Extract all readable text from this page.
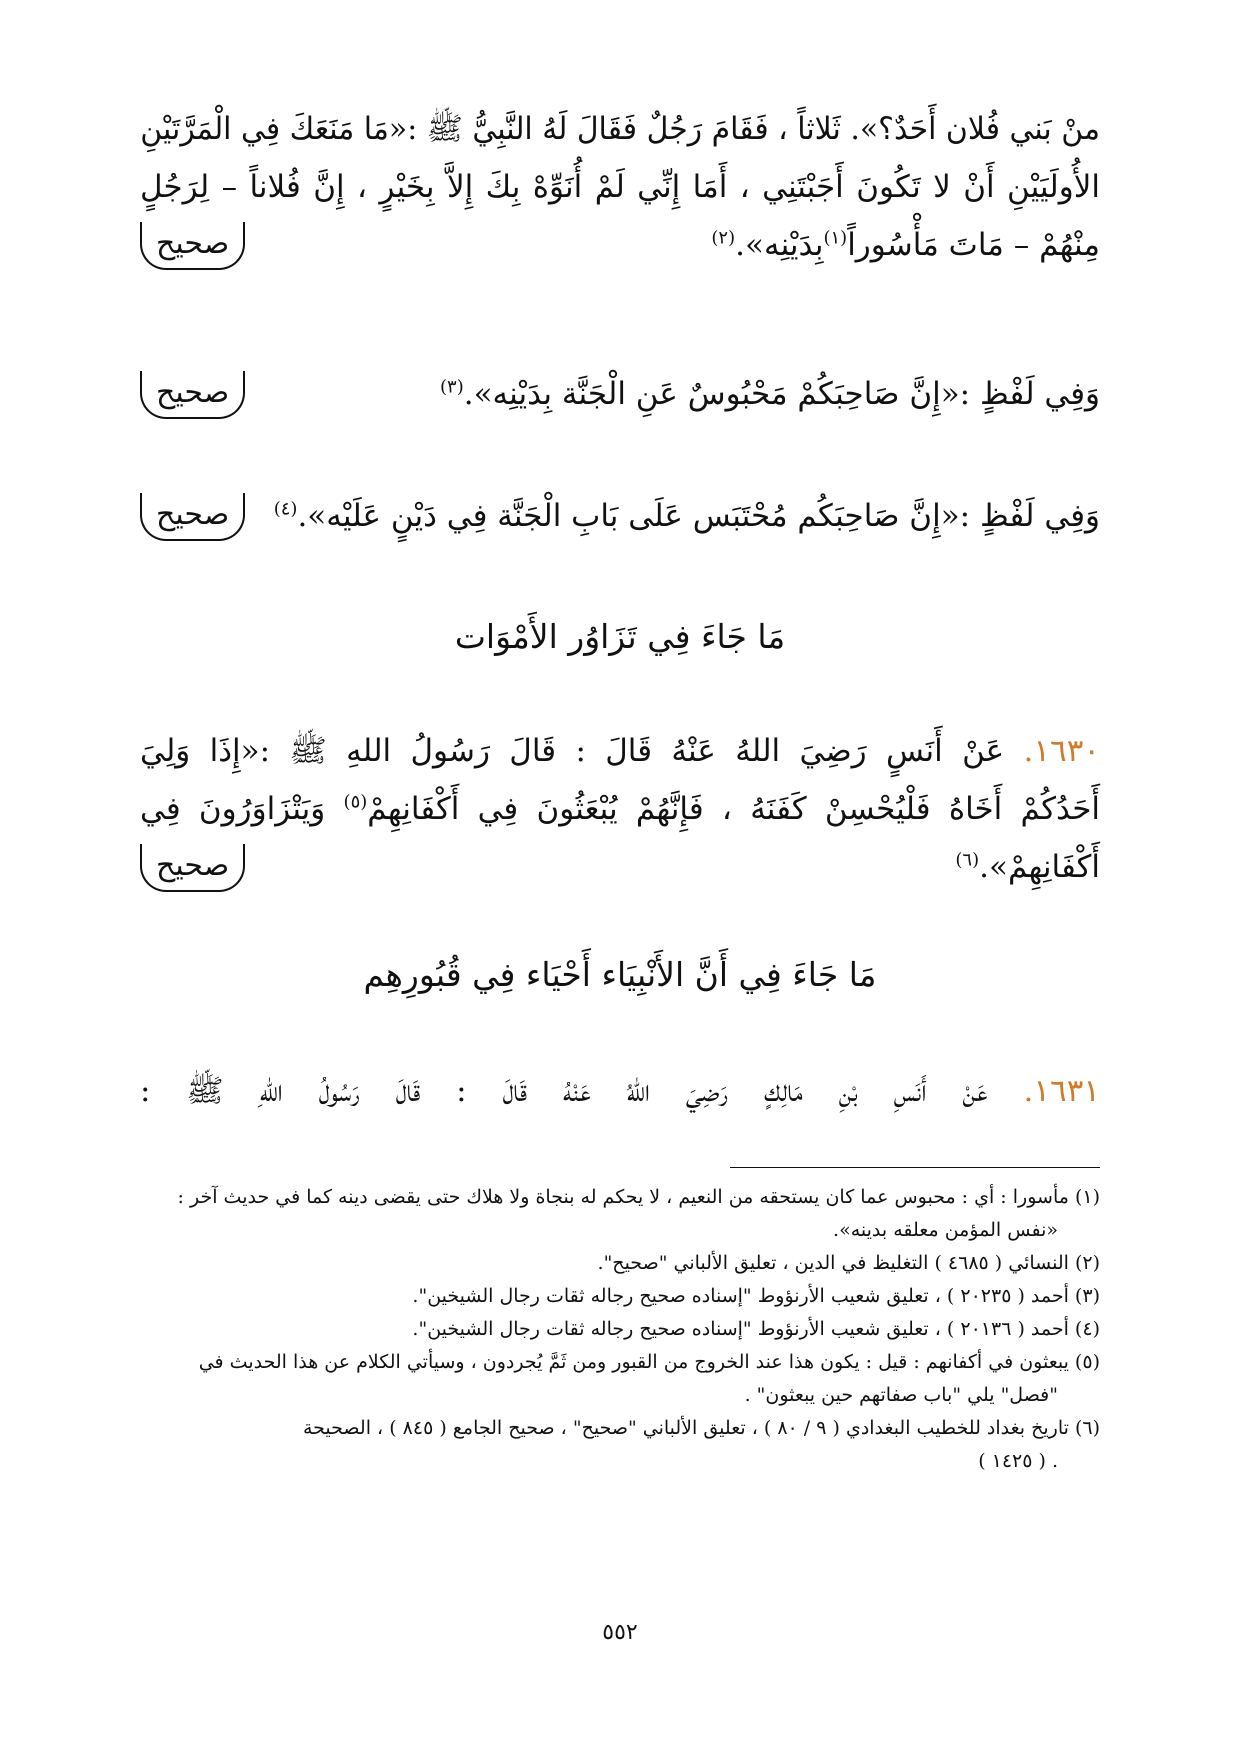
منْ بَني فُلان أَحَدٌ؟». ثَلاثاً ، فَقَامَ رَجُلٌ فَقَالَ لَهُ النَّبِيُّ ﷺ :«مَا مَنَعَكَ فِي الْمَرَّتَيْنِ
الأُولَيَيْنِ أَنْ لا تَكُونَ أَجَبْتَنِي ، أَمَا إِنِّي لَمْ أُنَوِّهْ بِكَ إِلاَّ بِخَيْرٍ ، إِنَّ فُلاناً – لِرَجُلٍ
مِنْهُمْ – مَاتَ مَأْسُوراً$^{(١)}$بِدَيْنِه».$^{(٢)}$
صحيح
وَفِي لَفْظٍ :«إِنَّ صَاحِبَكُمْ مَحْبُوسٌ عَنِ الْجَنَّة بِدَيْنِه».$^{(٣)}$
صحيح
وَفِي لَفْظٍ :«إِنَّ صَاحِبَكُم مُحْتَبَس عَلَى بَابِ الْجَنَّة فِي دَيْنٍ عَلَيْه».$^{(٤)}$
صحيح
مَا جَاءَ فِي تَزَاوُر الأَمْوَات
١٦٣٠. عَنْ أَنَسٍ رَضِيَ اللهُ عَنْهُ قَالَ : قَالَ رَسُولُ اللهِ ﷺ :«إِذَا وَلِيَ
أَحَدُكُمْ أَخَاهُ فَلْيُحْسِنْ كَفَنَهُ ، فَإِنَّهُمْ يُبْعَثُونَ فِي أَكْفَانِهِمْ$^{(٥)}$ وَيَتْزَاوَرُونَ فِي
أَكْفَانِهِمْ».$^{(٦)}$
صحيح
مَا جَاءَ فِي أَنَّ الأَنْبِيَاء أَحْيَاء فِي قُبُورِهِم
١٦٣١. عَنْ أَنَسِ بْنِ مَالِكٍ رَضِيَ اللهُ عَنْهُ قَالَ : قَالَ رَسُولُ اللهِ ﷺ :

(١) مأسورا : أي : محبوس عما كان يستحقه من النعيم ، لا يحكم له بنجاة ولا هلاك حتى يقضى دينه كما في حديث آخر :

«نفس المؤمن معلقه بدينه».

(٢) النسائي ( ٤٦٨٥ ) التغليظ في الدين ، تعليق الألباني "صحيح".

(٣) أحمد ( ٢٠٢٣٥ ) ، تعليق شعيب الأرنؤوط "إسناده صحيح رجاله ثقات رجال الشيخين".

(٤) أحمد ( ٢٠١٣٦ ) ، تعليق شعيب الأرنؤوط "إسناده صحيح رجاله ثقات رجال الشيخين".

(٥) يبعثون في أكفانهم : قيل : يكون هذا عند الخروج من القبور ومن ثَمَّ يُجردون ، وسيأتي الكلام عن هذا الحديث في

"فصل" يلي "باب صفاتهم حين يبعثون" .

(٦) تاريخ بغداد للخطيب البغدادي ( ٩ / ٨٠ ) ، تعليق الألباني "صحيح" ، صحيح الجامع ( ٨٤٥ ) ، الصحيحة

. ( ١٤٢٥ )

٥٥٢
